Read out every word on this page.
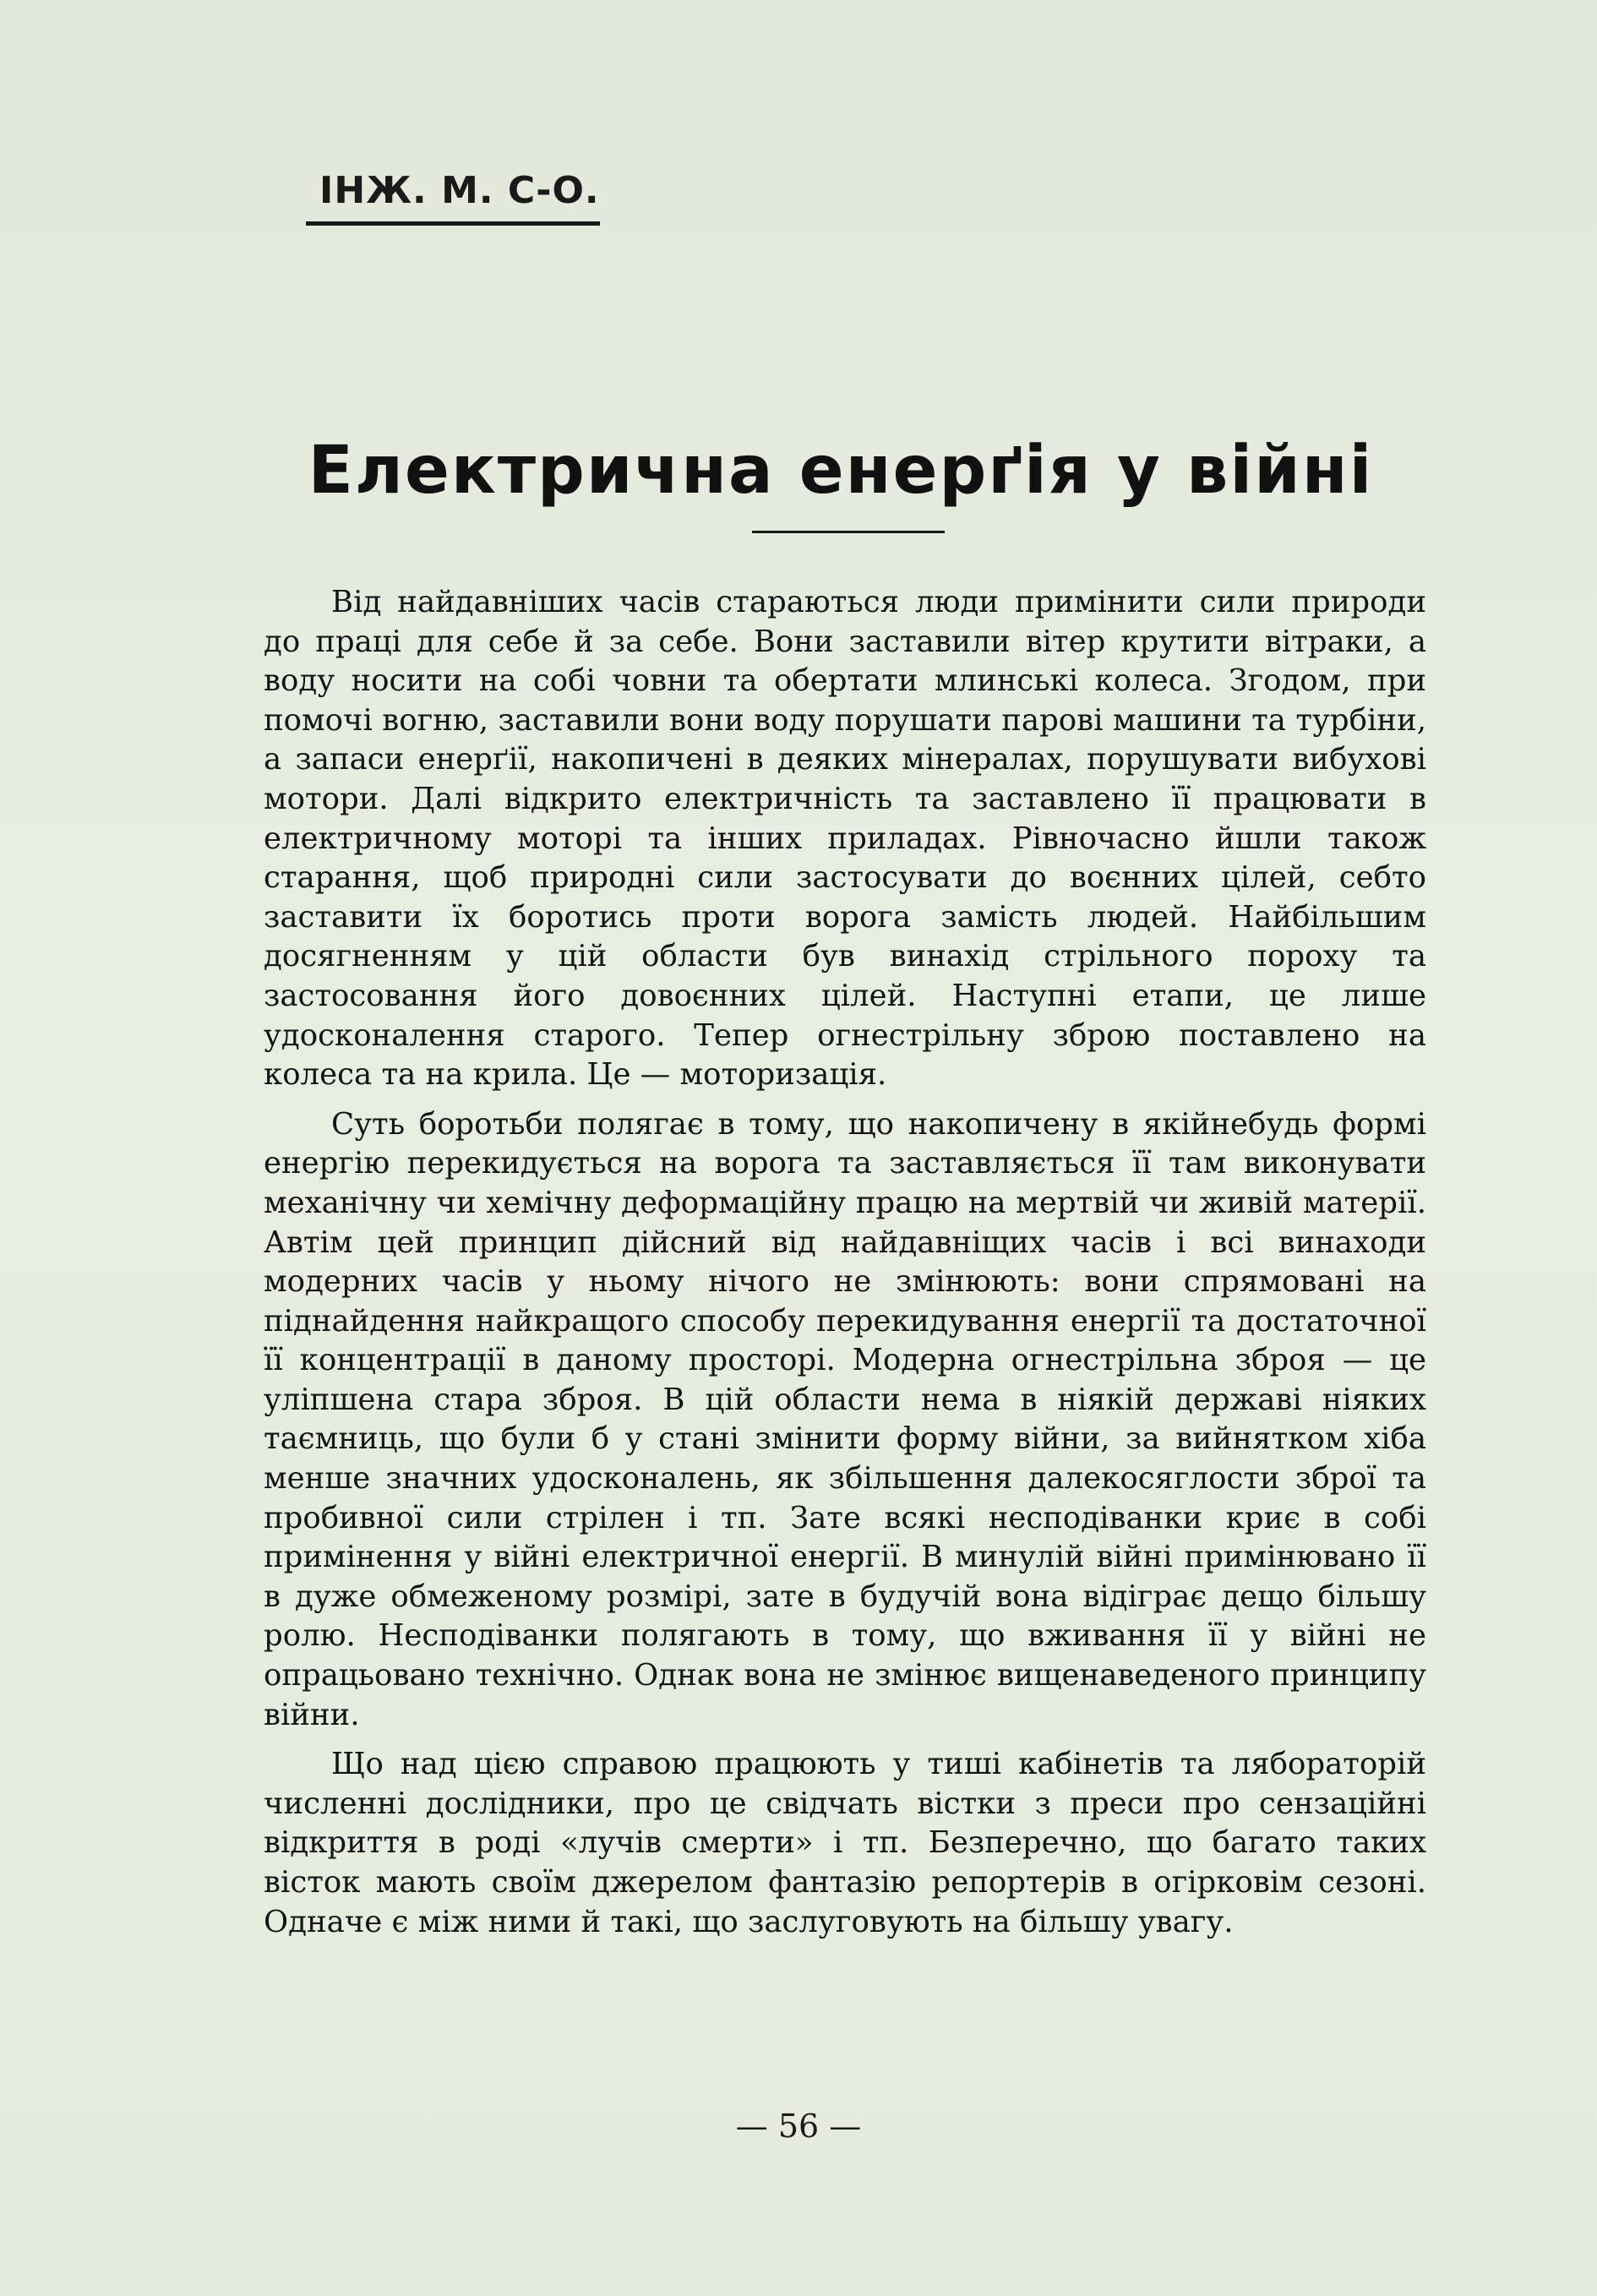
ІНЖ. М. С-О.
Електрична енерґія у війні

Від найдавніших часів стараються люди примінити сили природи до праці для себе й за себе. Вони заставили вітер крутити вітраки, а воду носити на собі човни та обертати млинські колеса. Згодом, при помочі вогню, заставили вони воду порушати парові машини та турбіни, а запаси енерґії, накопичені в деяких мінералах, порушувати вибухові мотори. Далі відкрито електричність та заставлено її працювати в електричному моторі та інших приладах. Рівночасно йшли також старання, щоб природні сили застосувати до воєнних цілей, себто заставити їх боротись проти ворога замість людей. Найбільшим досягненням у цій области був винахід стрільного пороху та застосовання його довоєнних цілей. Наступні етапи, це лише удосконалення старого. Тепер огнестрільну зброю поставлено на колеса та на крила. Це — моторизація.

Суть боротьби полягає в тому, що накопичену в якійнебудь формі енергію перекидується на ворога та заставляється її там виконувати механічну чи хемічну деформаційну працю на мертвій чи живій матерії. Автім цей принцип дійсний від найдавніщих часів і всі винаходи модерних часів у ньому нічого не змінюють: вони спрямовані на піднайдення найкращого способу перекидування енергії та достаточної її концентрації в даному просторі. Модерна огнестрільна зброя — це уліпшена стара зброя. В цій области нема в ніякій державі ніяких таємниць, що були б у стані змінити форму війни, за вийнятком хіба менше значних удосконалень, як збільшення далекосяглости зброї та пробивної сили стрілен і тп. Зате всякі несподіванки криє в собі примінення у війні електричної енергії. В минулій війні примінювано її в дуже обмеженому розмірі, зате в будучій вона відіграє дещо більшу ролю. Несподіванки полягають в тому, що вживання її у війні не опрацьовано технічно. Однак вона не змінює вищенаведеного принципу війни.

Що над цією справою працюють у тиші кабінетів та лябораторій численні дослідники, про це свідчать вістки з преси про сензаційні відкриття в роді «лучів смерти» і тп. Безперечно, що багато таких вісток мають своїм джерелом фантазію репортерів в огірковім сезоні. Одначе є між ними й такі, що заслуговують на більшу увагу.

— 56 —
